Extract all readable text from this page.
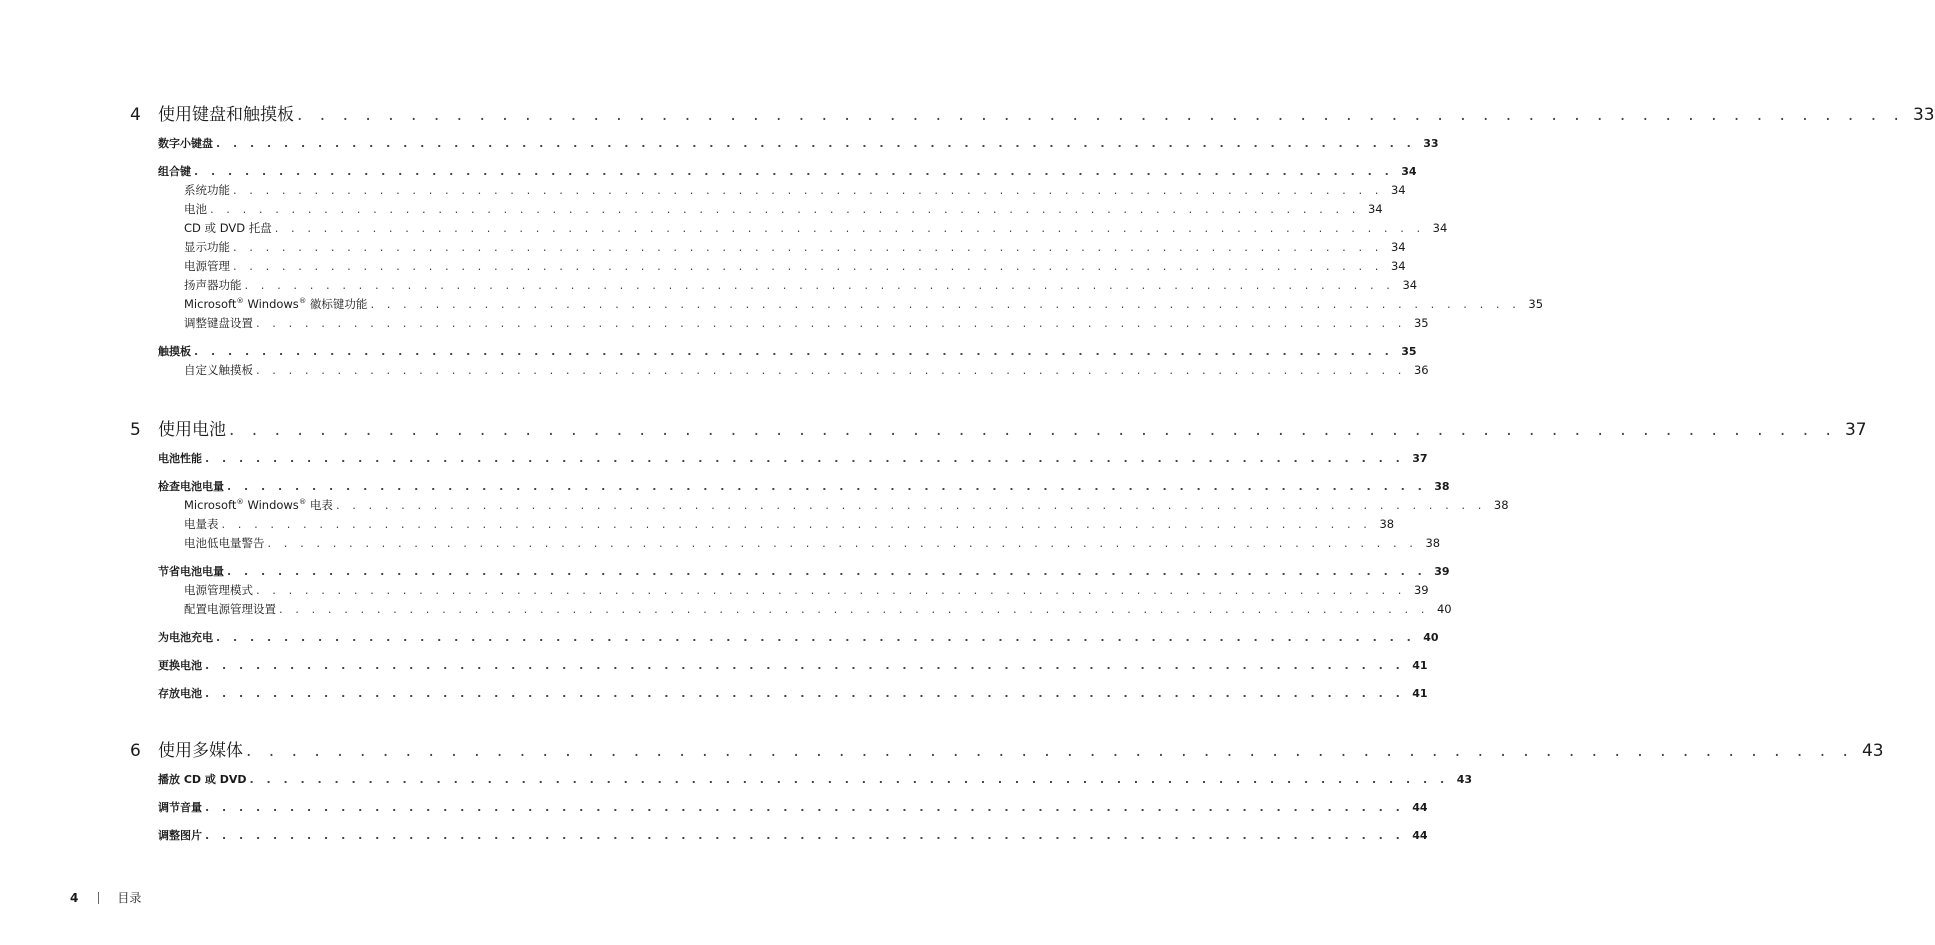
4	使用键盘和触摸板 . . . . . . . . . . . . . . . . . . . . . . . . . . . . . . . . . . . . . . . . . . . . . . . . . . . . . . . . . . . . . . . . . . . . . . . 33
数字小键盘 . . . . . . . . . . . . . . . . . . . . . . . . . . . . . . . . . . . . . . . . . . . . . . . . . . . . . . . . . . . . . . . . . . . . . . . 33
组合键 . . . . . . . . . . . . . . . . . . . . . . . . . . . . . . . . . . . . . . . . . . . . . . . . . . . . . . . . . . . . . . . . . . . . . . . 34
系统功能 . . . . . . . . . . . . . . . . . . . . . . . . . . . . . . . . . . . . . . . . . . . . . . . . . . . . . . . . . . . . . . . . . . . . . . . 34
电池 . . . . . . . . . . . . . . . . . . . . . . . . . . . . . . . . . . . . . . . . . . . . . . . . . . . . . . . . . . . . . . . . . . . . . . . 34
CD 或 DVD 托盘 . . . . . . . . . . . . . . . . . . . . . . . . . . . . . . . . . . . . . . . . . . . . . . . . . . . . . . . . . . . . . . . . . . . . . . . 34
显示功能 . . . . . . . . . . . . . . . . . . . . . . . . . . . . . . . . . . . . . . . . . . . . . . . . . . . . . . . . . . . . . . . . . . . . . . . 34
电源管理 . . . . . . . . . . . . . . . . . . . . . . . . . . . . . . . . . . . . . . . . . . . . . . . . . . . . . . . . . . . . . . . . . . . . . . . 34
扬声器功能 . . . . . . . . . . . . . . . . . . . . . . . . . . . . . . . . . . . . . . . . . . . . . . . . . . . . . . . . . . . . . . . . . . . . . . . 34
Microsoft® Windows® 徽标键功能 . . . . . . . . . . . . . . . . . . . . . . . . . . . . . . . . . . . . . . . . . . . . . . . . . . . . . . . . . . . . . . . . . . . . . . . 35
调整键盘设置 . . . . . . . . . . . . . . . . . . . . . . . . . . . . . . . . . . . . . . . . . . . . . . . . . . . . . . . . . . . . . . . . . . . . . . . 35
触摸板 . . . . . . . . . . . . . . . . . . . . . . . . . . . . . . . . . . . . . . . . . . . . . . . . . . . . . . . . . . . . . . . . . . . . . . . 35
自定义触摸板 . . . . . . . . . . . . . . . . . . . . . . . . . . . . . . . . . . . . . . . . . . . . . . . . . . . . . . . . . . . . . . . . . . . . . . . 36
5	使用电池 . . . . . . . . . . . . . . . . . . . . . . . . . . . . . . . . . . . . . . . . . . . . . . . . . . . . . . . . . . . . . . . . . . . . . . . 37
电池性能 . . . . . . . . . . . . . . . . . . . . . . . . . . . . . . . . . . . . . . . . . . . . . . . . . . . . . . . . . . . . . . . . . . . . . . . 37
检查电池电量 . . . . . . . . . . . . . . . . . . . . . . . . . . . . . . . . . . . . . . . . . . . . . . . . . . . . . . . . . . . . . . . . . . . . . . . 38
Microsoft® Windows® 电表 . . . . . . . . . . . . . . . . . . . . . . . . . . . . . . . . . . . . . . . . . . . . . . . . . . . . . . . . . . . . . . . . . . . . . . . 38
电量表 . . . . . . . . . . . . . . . . . . . . . . . . . . . . . . . . . . . . . . . . . . . . . . . . . . . . . . . . . . . . . . . . . . . . . . . 38
电池低电量警告 . . . . . . . . . . . . . . . . . . . . . . . . . . . . . . . . . . . . . . . . . . . . . . . . . . . . . . . . . . . . . . . . . . . . . . . 38
节省电池电量 . . . . . . . . . . . . . . . . . . . . . . . . . . . . . . . . . . . . . . . . . . . . . . . . . . . . . . . . . . . . . . . . . . . . . . . 39
电源管理模式 . . . . . . . . . . . . . . . . . . . . . . . . . . . . . . . . . . . . . . . . . . . . . . . . . . . . . . . . . . . . . . . . . . . . . . . 39
配置电源管理设置 . . . . . . . . . . . . . . . . . . . . . . . . . . . . . . . . . . . . . . . . . . . . . . . . . . . . . . . . . . . . . . . . . . . . . . . 40
为电池充电 . . . . . . . . . . . . . . . . . . . . . . . . . . . . . . . . . . . . . . . . . . . . . . . . . . . . . . . . . . . . . . . . . . . . . . . 40
更换电池 . . . . . . . . . . . . . . . . . . . . . . . . . . . . . . . . . . . . . . . . . . . . . . . . . . . . . . . . . . . . . . . . . . . . . . . 41
存放电池 . . . . . . . . . . . . . . . . . . . . . . . . . . . . . . . . . . . . . . . . . . . . . . . . . . . . . . . . . . . . . . . . . . . . . . . 41
6	使用多媒体 . . . . . . . . . . . . . . . . . . . . . . . . . . . . . . . . . . . . . . . . . . . . . . . . . . . . . . . . . . . . . . . . . . . . . . . 43
播放 CD 或 DVD . . . . . . . . . . . . . . . . . . . . . . . . . . . . . . . . . . . . . . . . . . . . . . . . . . . . . . . . . . . . . . . . . . . . . . . 43
调节音量 . . . . . . . . . . . . . . . . . . . . . . . . . . . . . . . . . . . . . . . . . . . . . . . . . . . . . . . . . . . . . . . . . . . . . . . 44
调整图片 . . . . . . . . . . . . . . . . . . . . . . . . . . . . . . . . . . . . . . . . . . . . . . . . . . . . . . . . . . . . . . . . . . . . . . . 44
4	目录
